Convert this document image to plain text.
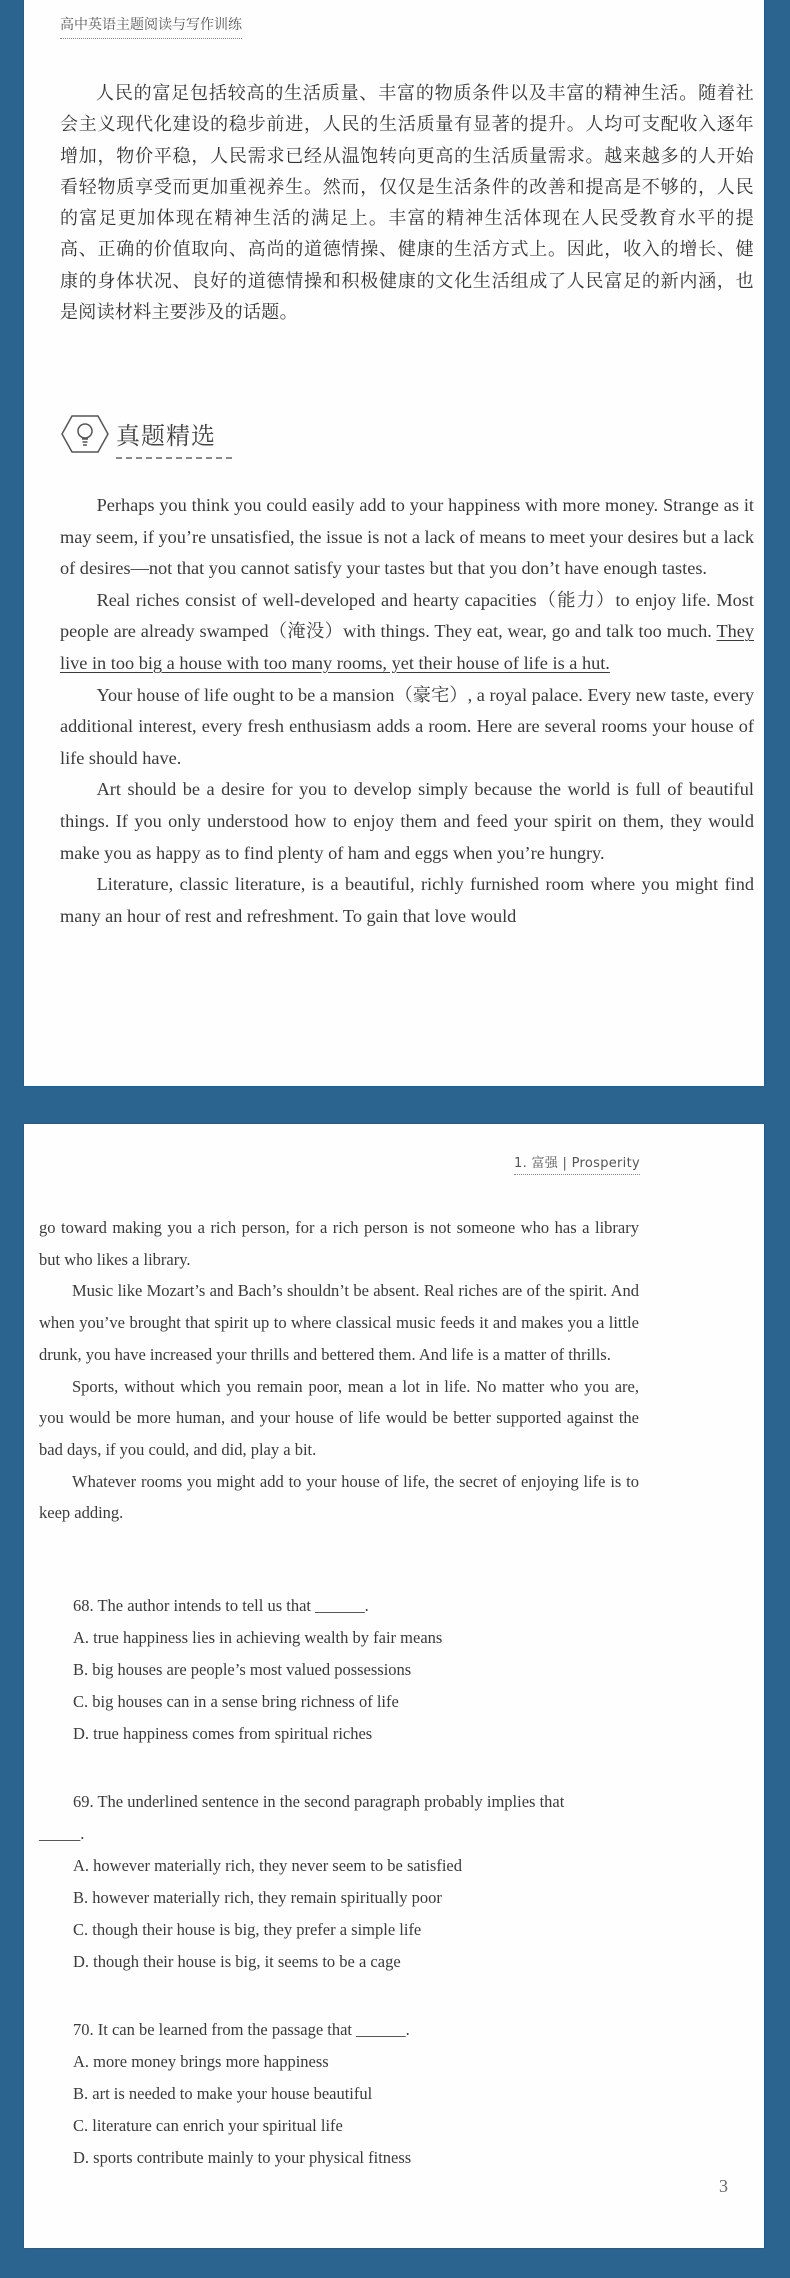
高中英语主题阅读与写作训练

人民的富足包括较高的生活质量、丰富的物质条件以及丰富的精神生活。随着社会主义现代化建设的稳步前进，人民的生活质量有显著的提升。人均可支配收入逐年增加，物价平稳，人民需求已经从温饱转向更高的生活质量需求。越来越多的人开始看轻物质享受而更加重视养生。然而，仅仅是生活条件的改善和提高是不够的，人民的富足更加体现在精神生活的满足上。丰富的精神生活体现在人民受教育水平的提高、正确的价值取向、高尚的道德情操、健康的生活方式上。因此，收入的增长、健康的身体状况、良好的道德情操和积极健康的文化生活组成了人民富足的新内涵，也是阅读材料主要涉及的话题。

真题精选

Perhaps you think you could easily add to your happiness with more money. Strange as it may seem, if you’re unsatisfied, the issue is not a lack of means to meet your desires but a lack of desires—not that you cannot satisfy your tastes but that you don’t have enough tastes.

Real riches consist of well-developed and hearty capacities（能力）to enjoy life. Most people are already swamped（淹没）with things. They eat, wear, go and talk too much. They live in too big a house with too many rooms, yet their house of life is a hut.

Your house of life ought to be a mansion（豪宅）, a royal palace. Every new taste, every additional interest, every fresh enthusiasm adds a room. Here are several rooms your house of life should have.

Art should be a desire for you to develop simply because the world is full of beautiful things. If you only understood how to enjoy them and feed your spirit on them, they would make you as happy as to find plenty of ham and eggs when you’re hungry.

Literature, classic literature, is a beautiful, richly furnished room where you might find many an hour of rest and refreshment. To gain that love would

1. 富强 | Prosperity

go toward making you a rich person, for a rich person is not someone who has a library but who likes a library.

Music like Mozart’s and Bach’s shouldn’t be absent. Real riches are of the spirit. And when you’ve brought that spirit up to where classical music feeds it and makes you a little drunk, you have increased your thrills and bettered them. And life is a matter of thrills.

Sports, without which you remain poor, mean a lot in life. No matter who you are, you would be more human, and your house of life would be better supported against the bad days, if you could, and did, play a bit.

Whatever rooms you might add to your house of life, the secret of enjoying life is to keep adding.

68. The author intends to tell us that ______.
A. true happiness lies in achieving wealth by fair means
B. big houses are people’s most valued possessions
C. big houses can in a sense bring richness of life
D. true happiness comes from spiritual riches
69. The underlined sentence in the second paragraph probably implies that
_____.
A. however materially rich, they never seem to be satisfied
B. however materially rich, they remain spiritually poor
C. though their house is big, they prefer a simple life
D. though their house is big, it seems to be a cage
70. It can be learned from the passage that ______.
A. more money brings more happiness
B. art is needed to make your house beautiful
C. literature can enrich your spiritual life
D. sports contribute mainly to your physical fitness
3
